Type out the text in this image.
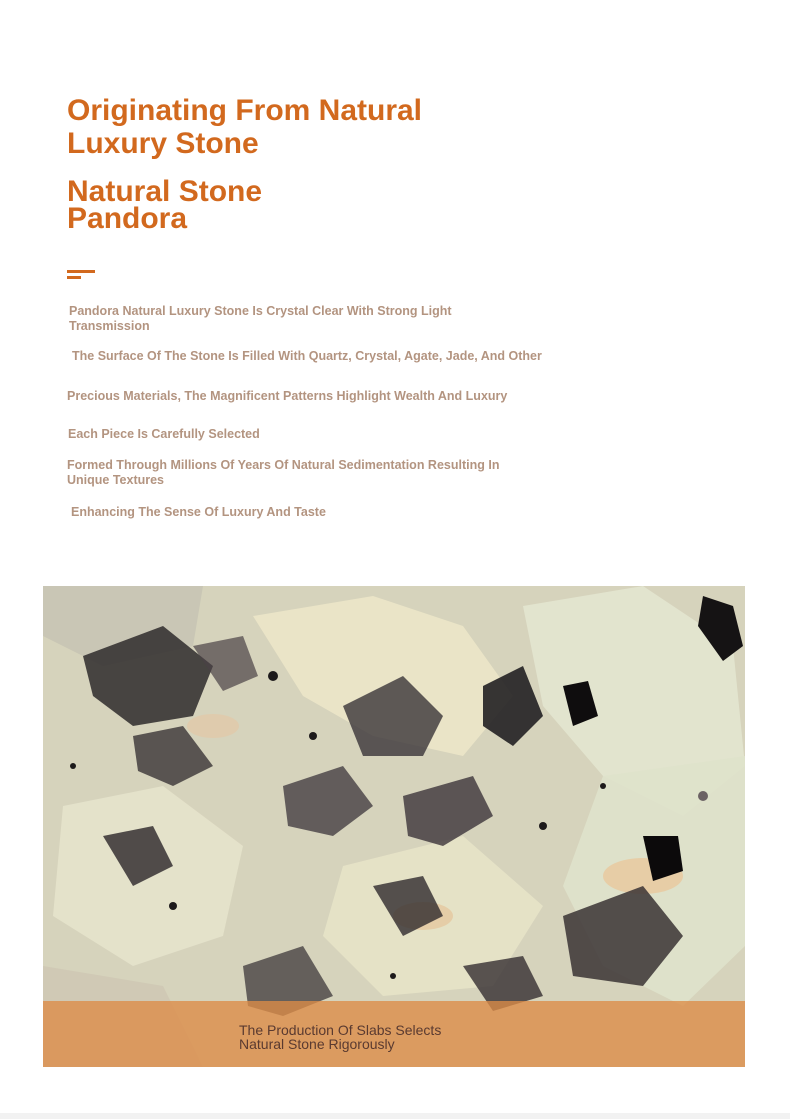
Originating From Natural
Luxury Stone
Natural Stone
Pandora

Pandora Natural Luxury Stone Is Crystal Clear With Strong Light
Transmission

The Surface Of The Stone Is Filled With Quartz, Crystal, Agate, Jade, And Other

Precious Materials, The Magnificent Patterns Highlight Wealth And Luxury

Each Piece Is Carefully Selected

Formed Through Millions Of Years Of Natural Sedimentation Resulting In
Unique Textures

Enhancing The Sense Of Luxury And Taste

The Production Of Slabs Selects
Natural Stone Rigorously
